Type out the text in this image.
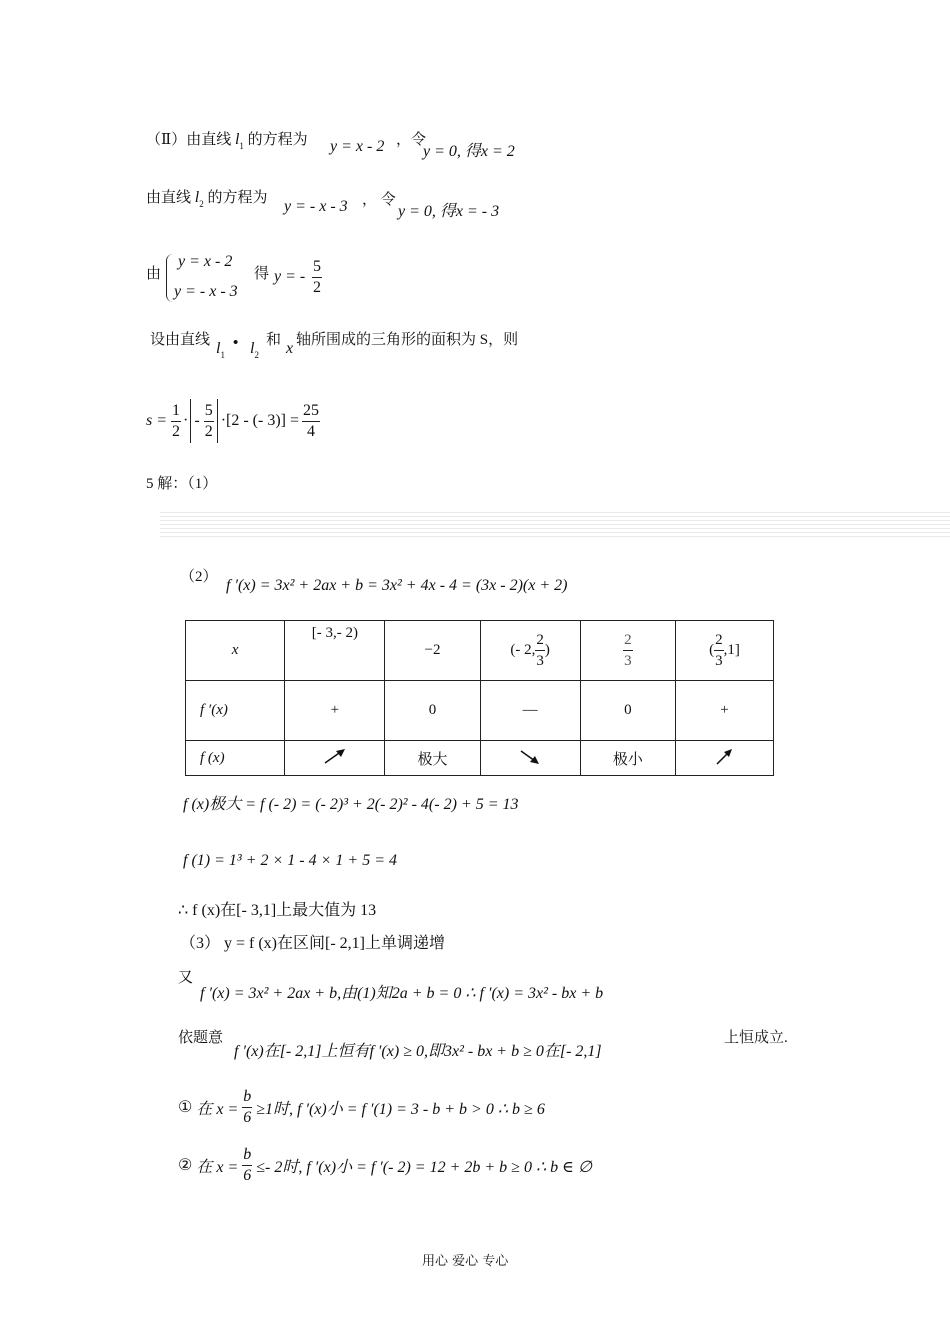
（Ⅱ）由直线 $l_1$ 的方程为 y = x - 2 ，令
y = 0, 得x = 2
由直线 $l_2$ 的方程为 y = - x - 3 ， 令
y = 0, 得x = - 3
由
y = x - 2
y = - x - 3
得 y = - $\frac{5}{2}$
设由直线 $l_1$
• $l_2$
和 x 轴所围成的三角形的面积为 S，则
$s = \frac{1}{2}$ · - $\frac{5}{2} \cdot[2$ - (- $3)] = \frac{25}{4}$
5 解：（1）
（2） f ′(x) = 3x² + 2ax + b = 3x² + 4x - 4 = (3x - 2)(x + 2)
x	[- 3,- 2)	−2	(- 2, $\frac{2}{3}$ )	$\frac{2}{3}$	( $\frac{2}{3} ,1$]
f ′(x)	+	0	—	0	+
f (x)		极大		极小	
f (x)极大 = f (- 2) = (- 2)³ + 2(- 2)² - 4(- 2) + 5 = 13
f (1) = 1³ + 2 × 1 - 4 × 1 + 5 = 4
∴ f (x)在[- 3,1]上最大值为 13
（3） y = f (x)在区间[- 2,1]上单调递增
又
f ′(x) = 3x² + 2ax + b,由(1)知2a + b = 0 ∴ f ′(x) = 3x² - bx + b
依题意
f ′(x)在[- 2,1]上恒有f ′(x) ≥ 0,即3x² - bx + b ≥ 0在[- 2,1]
上恒成立.
① 在 $x = \frac{b}{6} \ge 1$时, f ′(x)小 = f ′(1) = 3 - b + b > 0 ∴ b ≥ 6
② 在 $x = \frac{b}{6} \le- 2$时, f ′(x)小 = f ′(- 2) = 12 + 2b + b ≥ 0 ∴ b ∈ ∅
用心 爱心 专心
